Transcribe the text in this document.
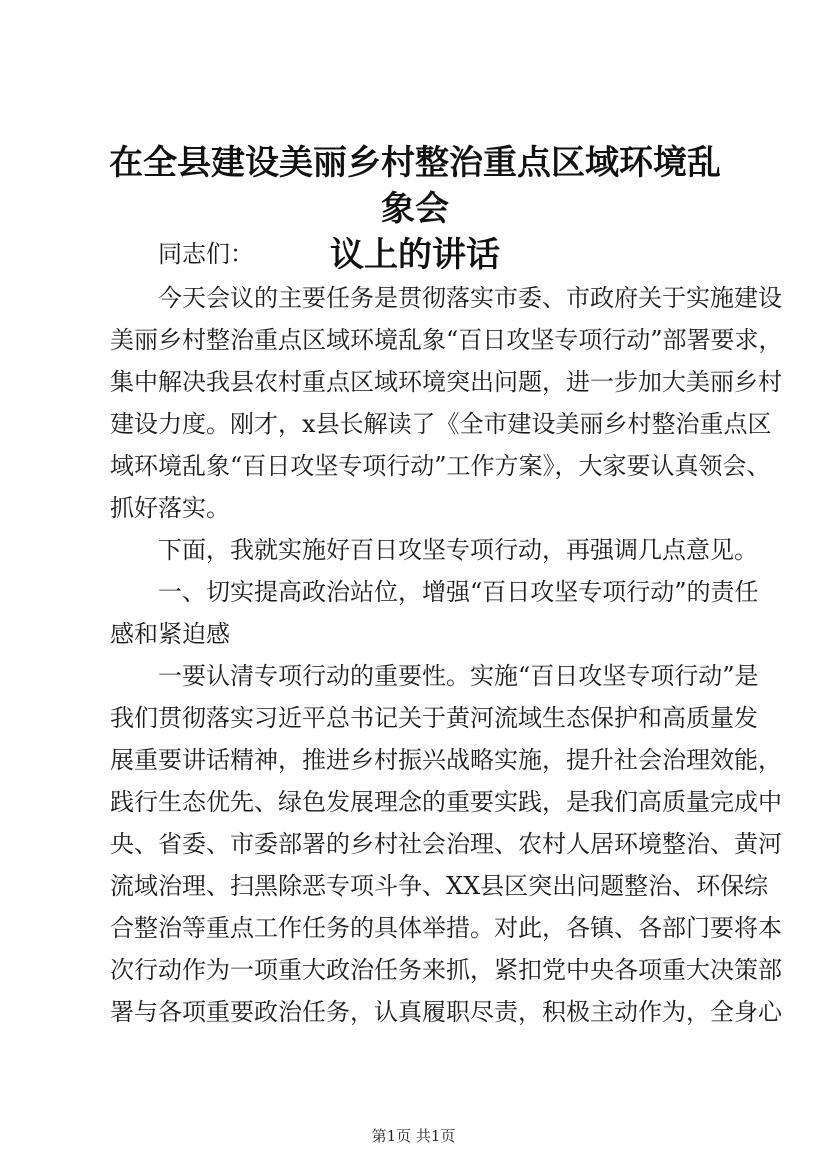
在全县建设美丽乡村整治重点区域环境乱象会
议上的讲话

　　同志们：

　　今天会议的主要任务是贯彻落实市委、市政府关于实施建设

美丽乡村整治重点区域环境乱象“百日攻坚专项行动”部署要求，

集中解决我县农村重点区域环境突出问题，进一步加大美丽乡村

建设力度。刚才，x县长解读了《全市建设美丽乡村整治重点区

域环境乱象“百日攻坚专项行动”工作方案》，大家要认真领会、

抓好落实。

　　下面，我就实施好百日攻坚专项行动，再强调几点意见。

　　一、切实提高政治站位，增强“百日攻坚专项行动”的责任

感和紧迫感

　　一要认清专项行动的重要性。实施“百日攻坚专项行动”是

我们贯彻落实习近平总书记关于黄河流域生态保护和高质量发

展重要讲话精神，推进乡村振兴战略实施，提升社会治理效能，

践行生态优先、绿色发展理念的重要实践，是我们高质量完成中

央、省委、市委部署的乡村社会治理、农村人居环境整治、黄河

流域治理、扫黑除恶专项斗争、XX县区突出问题整治、环保综

合整治等重点工作任务的具体举措。对此，各镇、各部门要将本

次行动作为一项重大政治任务来抓，紧扣党中央各项重大决策部

署与各项重要政治任务，认真履职尽责，积极主动作为，全身心

第1页 共1页
